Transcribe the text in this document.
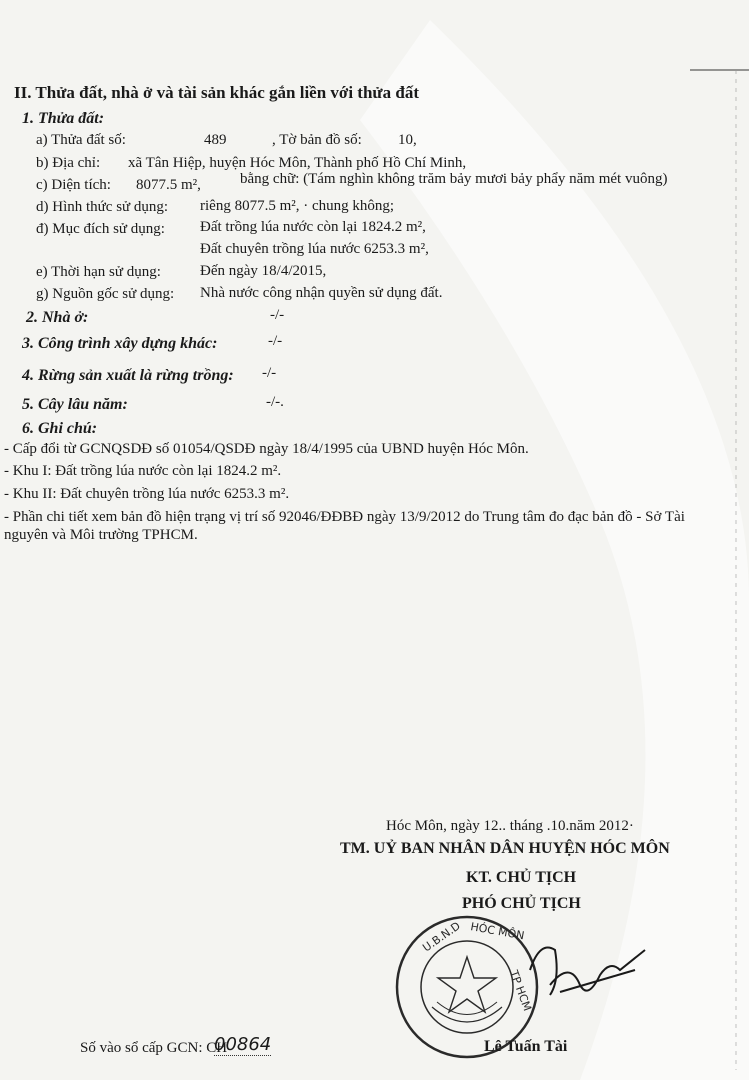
II. Thửa đất, nhà ở và tài sản khác gắn liền với thửa đất
1. Thửa đất:
a) Thửa đất số:	489	, Tờ bản đồ số: 10,
b) Địa chỉ: xã Tân Hiệp, huyện Hóc Môn, Thành phố Hồ Chí Minh,
c) Diện tích: 8077.5 m²,	bằng chữ: (Tám nghìn không trăm bảy mươi bảy phẩy năm mét vuông)
d) Hình thức sử dụng: riêng 8077.5 m², · chung không;
đ) Mục đích sử dụng: Đất trồng lúa nước còn lại 1824.2 m²,
Đất chuyên trồng lúa nước 6253.3 m²,
e) Thời hạn sử dụng:	Đến ngày 18/4/2015,
g) Nguồn gốc sử dụng: Nhà nước công nhận quyền sử dụng đất.
2. Nhà ở:	-/-
3. Công trình xây dựng khác:	-/-
4. Rừng sản xuất là rừng trồng: -/-
5. Cây lâu năm:	-/-.
6. Ghi chú:
- Cấp đổi từ GCNQSDĐ số 01054/QSDĐ ngày 18/4/1995 của UBND huyện Hóc Môn.
- Khu I: Đất trồng lúa nước còn lại 1824.2 m².
- Khu II: Đất chuyên trồng lúa nước 6253.3 m².
- Phần chi tiết xem bản đồ hiện trạng vị trí số 92046/ĐĐBĐ ngày 13/9/2012 do Trung tâm đo đạc bản đồ - Sở Tài
nguyên và Môi trường TPHCM.
Hóc Môn, ngày 12.. tháng .10.năm 2012·
TM. UỶ BAN NHÂN DÂN HUYỆN HÓC MÔN
KT. CHỦ TỊCH
PHÓ CHỦ TỊCH
U.B.N.D HÓC MÔN
TP HCM
Lê Tuấn Tài
Số vào sổ cấp GCN: CH
00864
